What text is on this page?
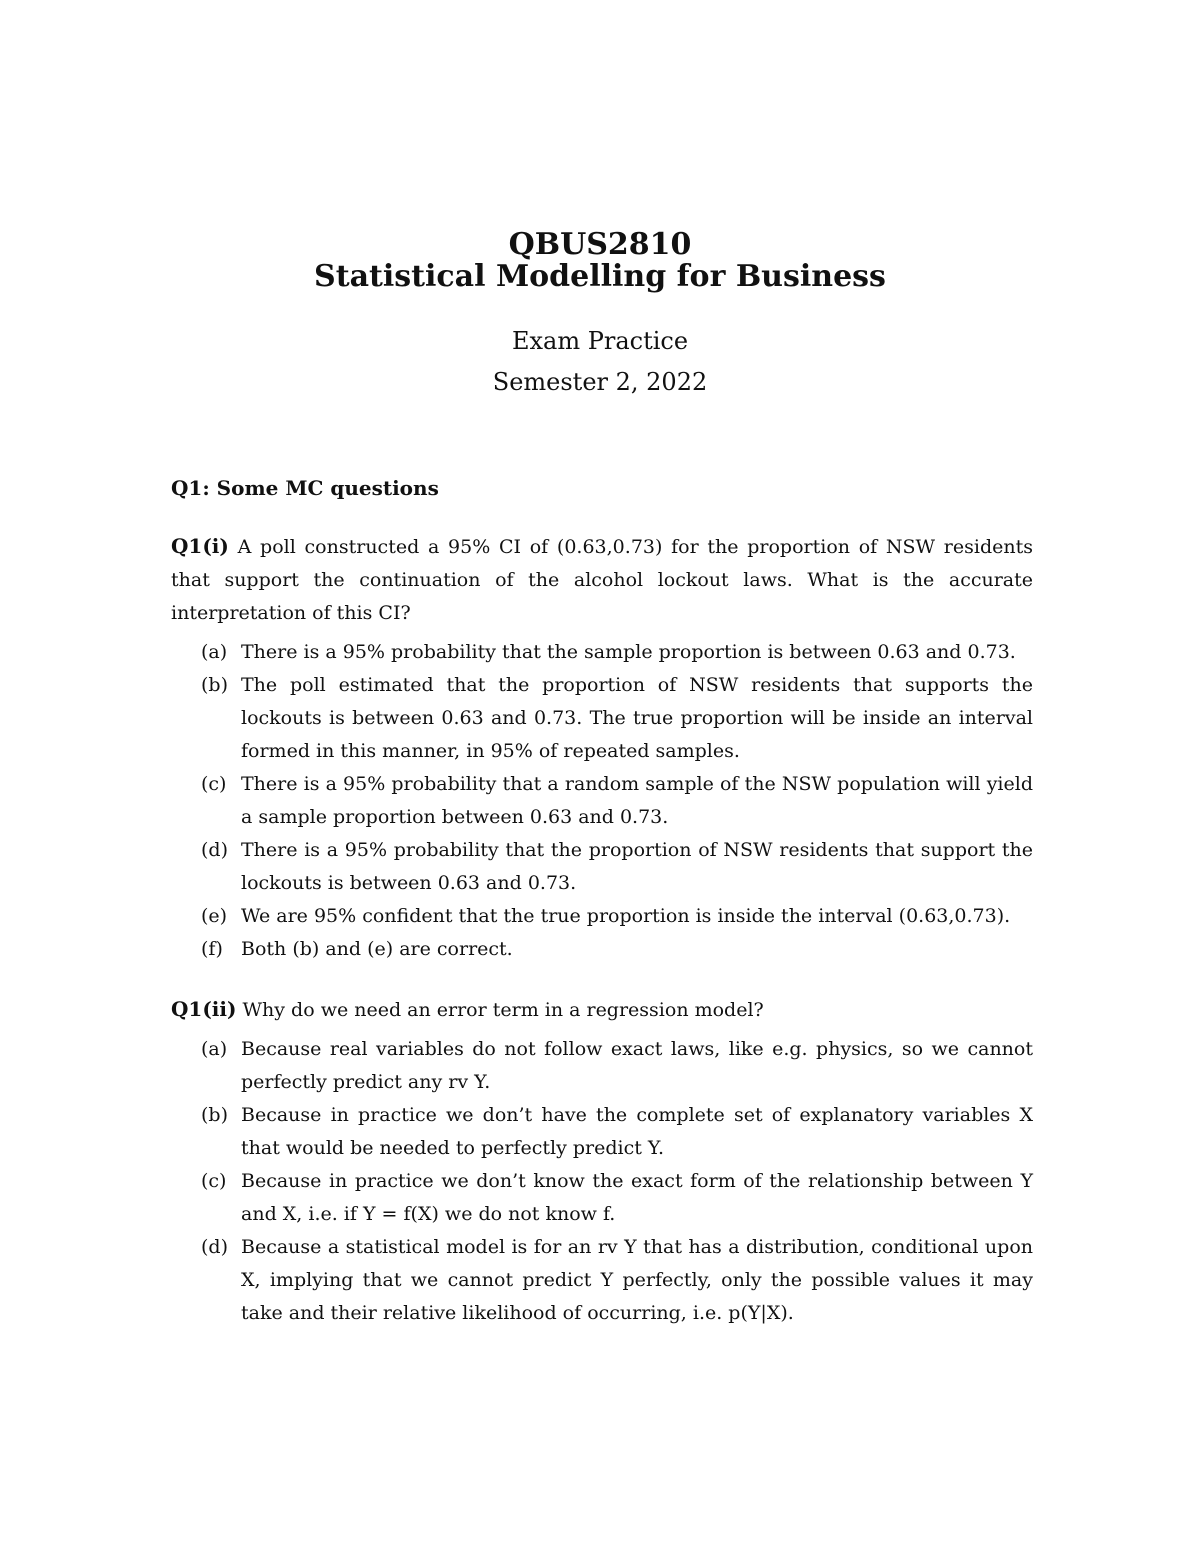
QBUS2810
Statistical Modelling for Business
Exam Practice
Semester 2, 2022
Q1: Some MC questions
Q1(i) A poll constructed a 95% CI of (0.63,0.73) for the proportion of NSW residents that support the continuation of the alcohol lockout laws. What is the accurate interpretation of this CI?
(a) There is a 95% probability that the sample proportion is between 0.63 and 0.73.
(b) The poll estimated that the proportion of NSW residents that supports the lockouts is between 0.63 and 0.73. The true proportion will be inside an interval formed in this manner, in 95% of repeated samples.
(c) There is a 95% probability that a random sample of the NSW population will yield a sample proportion between 0.63 and 0.73.
(d) There is a 95% probability that the proportion of NSW residents that support the lockouts is between 0.63 and 0.73.
(e) We are 95% confident that the true proportion is inside the interval (0.63,0.73).
(f) Both (b) and (e) are correct.
Q1(ii) Why do we need an error term in a regression model?
(a) Because real variables do not follow exact laws, like e.g. physics, so we cannot perfectly predict any rv Y.
(b) Because in practice we don’t have the complete set of explanatory variables X that would be needed to perfectly predict Y.
(c) Because in practice we don’t know the exact form of the relationship between Y and X, i.e. if Y = f(X) we do not know f.
(d) Because a statistical model is for an rv Y that has a distribution, conditional upon X, implying that we cannot predict Y perfectly, only the possible values it may take and their relative likelihood of occurring, i.e. p(Y|X).
